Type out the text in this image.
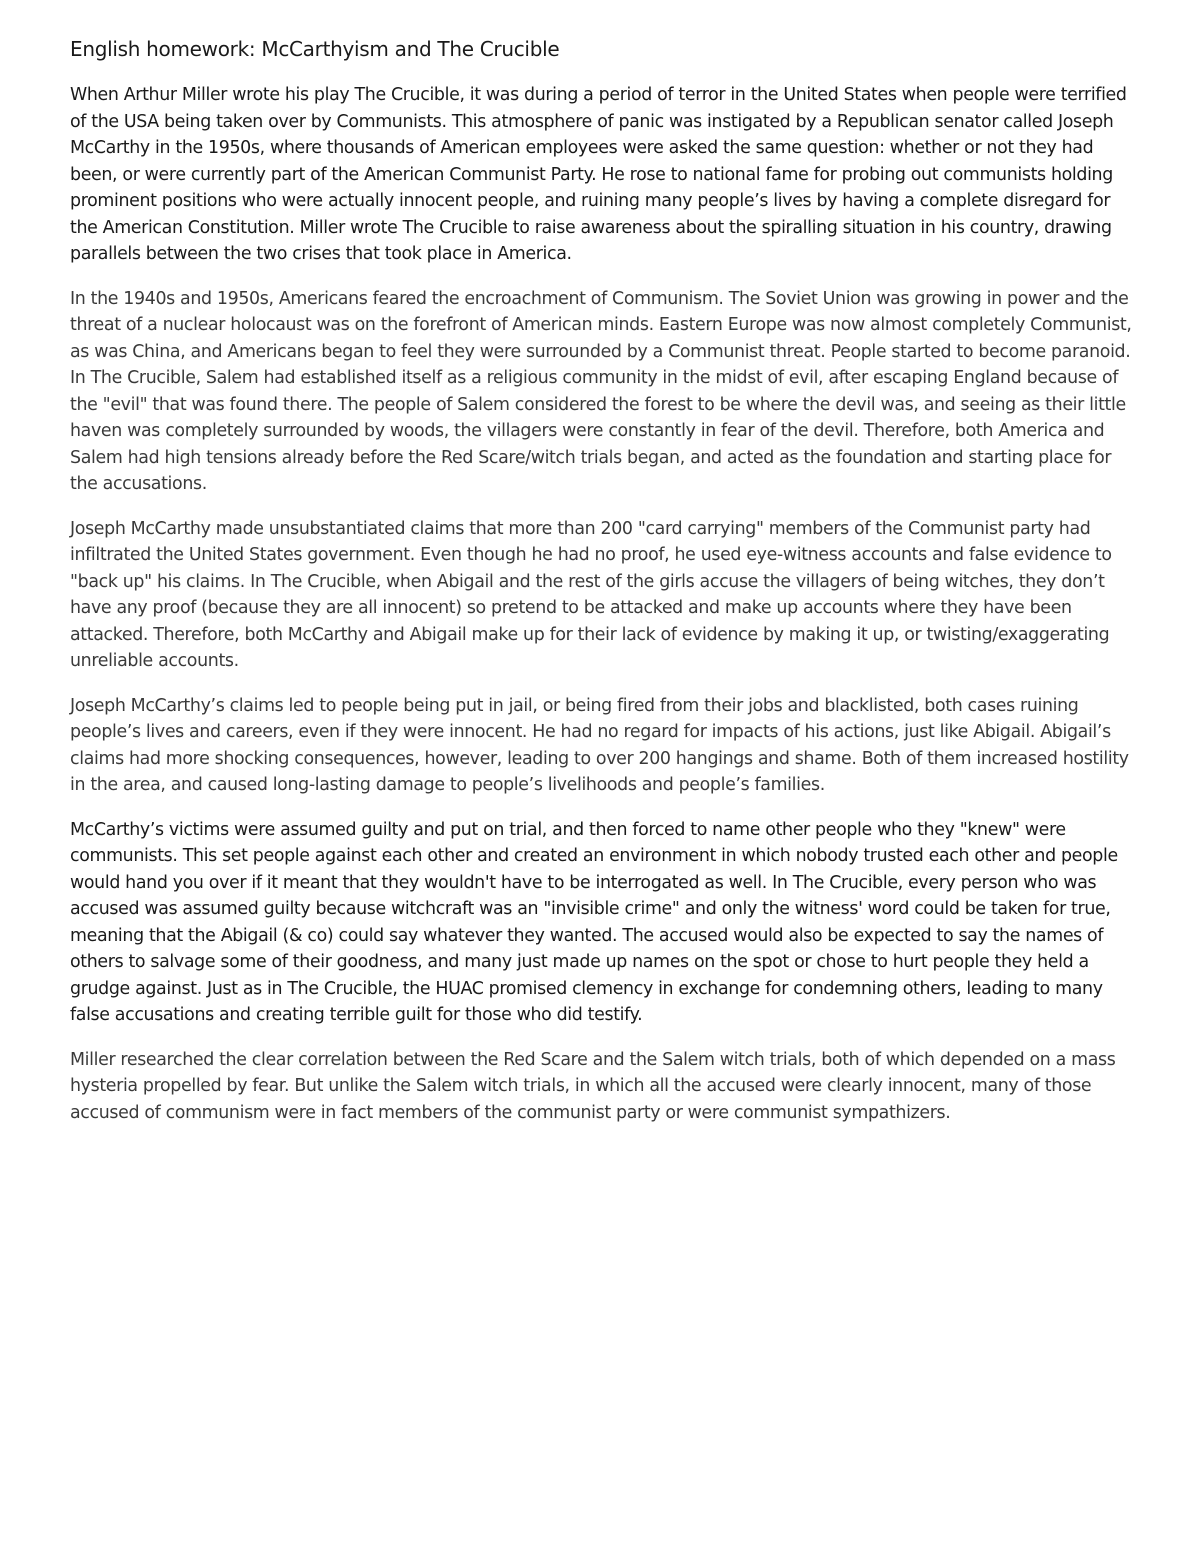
English homework: McCarthyism and The Crucible

When Arthur Miller wrote his play The Crucible, it was during a period of terror in the United States when people were terrified of the USA being taken over by Communists. This atmosphere of panic was instigated by a Republican senator called Joseph McCarthy in the 1950s, where thousands of American employees were asked the same question: whether or not they had been, or were currently part of the American Communist Party. He rose to national fame for probing out communists holding prominent positions who were actually innocent people, and ruining many people’s lives by having a complete disregard for the American Constitution. Miller wrote The Crucible to raise awareness about the spiralling situation in his country, drawing parallels between the two crises that took place in America.

In the 1940s and 1950s, Americans feared the encroachment of Communism. The Soviet Union was growing in power and the threat of a nuclear holocaust was on the forefront of American minds. Eastern Europe was now almost completely Communist, as was China, and Americans began to feel they were surrounded by a Communist threat. People started to become paranoid. In The Crucible, Salem had established itself as a religious community in the midst of evil, after escaping England because of the "evil" that was found there. The people of Salem considered the forest to be where the devil was, and seeing as their little haven was completely surrounded by woods, the villagers were constantly in fear of the devil. Therefore, both America and Salem had high tensions already before the Red Scare/witch trials began, and acted as the foundation and starting place for the accusations.

Joseph McCarthy made unsubstantiated claims that more than 200 "card carrying" members of the Communist party had infiltrated the United States government. Even though he had no proof, he used eye-witness accounts and false evidence to "back up" his claims. In The Crucible, when Abigail and the rest of the girls accuse the villagers of being witches, they don’t have any proof (because they are all innocent) so pretend to be attacked and make up accounts where they have been attacked. Therefore, both McCarthy and Abigail make up for their lack of evidence by making it up, or twisting/exaggerating unreliable accounts.

Joseph McCarthy’s claims led to people being put in jail, or being fired from their jobs and blacklisted, both cases ruining people’s lives and careers, even if they were innocent. He had no regard for impacts of his actions, just like Abigail. Abigail’s claims had more shocking consequences, however, leading to over 200 hangings and shame. Both of them increased hostility in the area, and caused long-lasting damage to people’s livelihoods and people’s families.

McCarthy’s victims were assumed guilty and put on trial, and then forced to name other people who they "knew" were communists. This set people against each other and created an environment in which nobody trusted each other and people would hand you over if it meant that they wouldn't have to be interrogated as well. In The Crucible, every person who was accused was assumed guilty because witchcraft was an "invisible crime" and only the witness' word could be taken for true, meaning that the Abigail (& co) could say whatever they wanted. The accused would also be expected to say the names of others to salvage some of their goodness, and many just made up names on the spot or chose to hurt people they held a grudge against. Just as in The Crucible, the HUAC promised clemency in exchange for condemning others, leading to many false accusations and creating terrible guilt for those who did testify.

Miller researched the clear correlation between the Red Scare and the Salem witch trials, both of which depended on a mass hysteria propelled by fear. But unlike the Salem witch trials, in which all the accused were clearly innocent, many of those accused of communism were in fact members of the communist party or were communist sympathizers.
